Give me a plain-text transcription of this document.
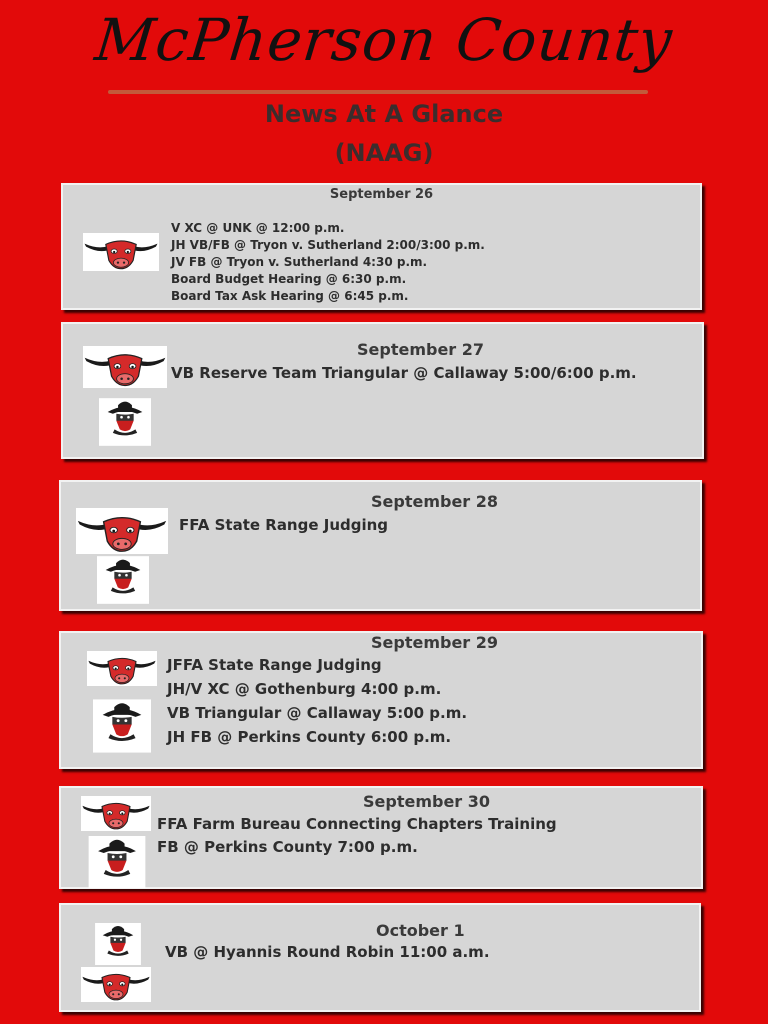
McPherson County
News At A Glance
(NAAG)
September 26
V XC @ UNK @ 12:00 p.m.
JH VB/FB @ Tryon v. Sutherland 2:00/3:00 p.m.
JV FB @ Tryon v. Sutherland 4:30 p.m.
Board Budget Hearing @ 6:30 p.m.
Board Tax Ask Hearing @ 6:45 p.m.
September 27
VB Reserve Team Triangular @ Callaway 5:00/6:00 p.m.
September 28
FFA State Range Judging
September 29
JFFA State Range Judging
JH/V XC @ Gothenburg 4:00 p.m.
VB Triangular @ Callaway 5:00 p.m.
JH FB @ Perkins County 6:00 p.m.
September 30
FFA Farm Bureau Connecting Chapters Training
FB @ Perkins County 7:00 p.m.
October 1
VB @ Hyannis Round Robin 11:00 a.m.
